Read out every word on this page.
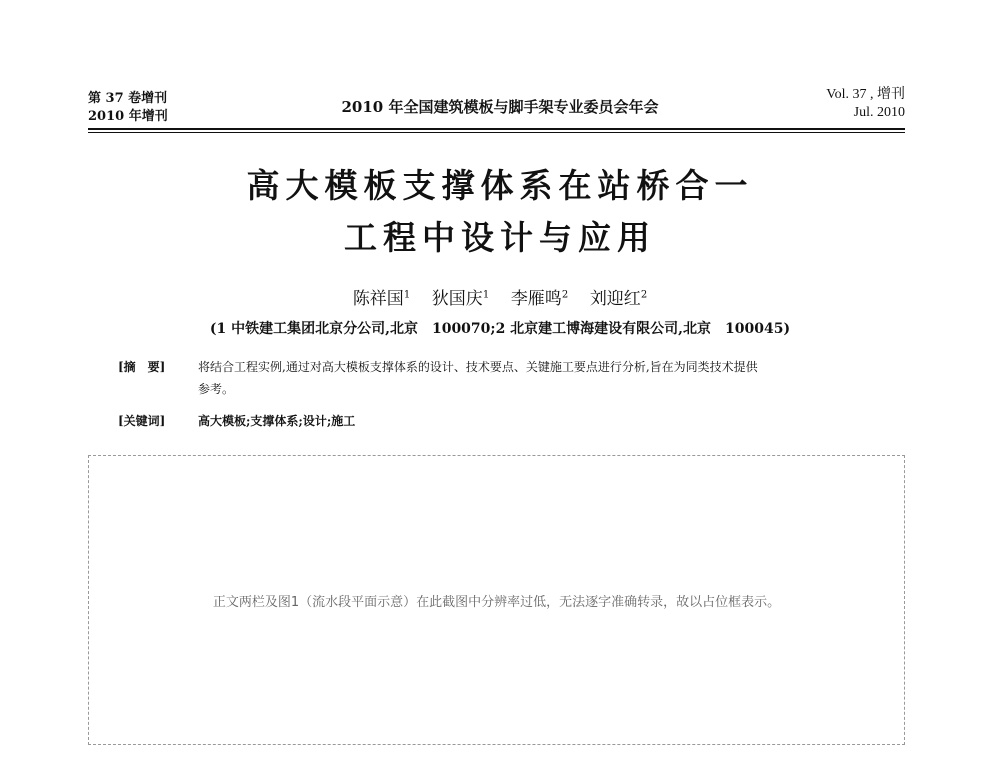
第 37 卷增刊
2010 年增刊
2010 年全国建筑模板与脚手架专业委员会年会
Vol. 37 , 增刊
Jul. 2010
高大模板支撑体系在站桥合一
工程中设计与应用
陈祥国$^1$ 狄国庆$^1$ 李雁鸣$^2$ 刘迎红$^2$
(1 中铁建工集团北京分公司,北京　100070;2 北京建工博海建设有限公司,北京　100045)
[摘　要]	将结合工程实例,通过对高大模板支撑体系的设计、技术要点、关键施工要点进行分析,旨在为同类技术提供
参考。
[关键词]	高大模板;支撑体系;设计;施工
正文两栏及图1（流水段平面示意）在此截图中分辨率过低，无法逐字准确转录，故以占位框表示。
